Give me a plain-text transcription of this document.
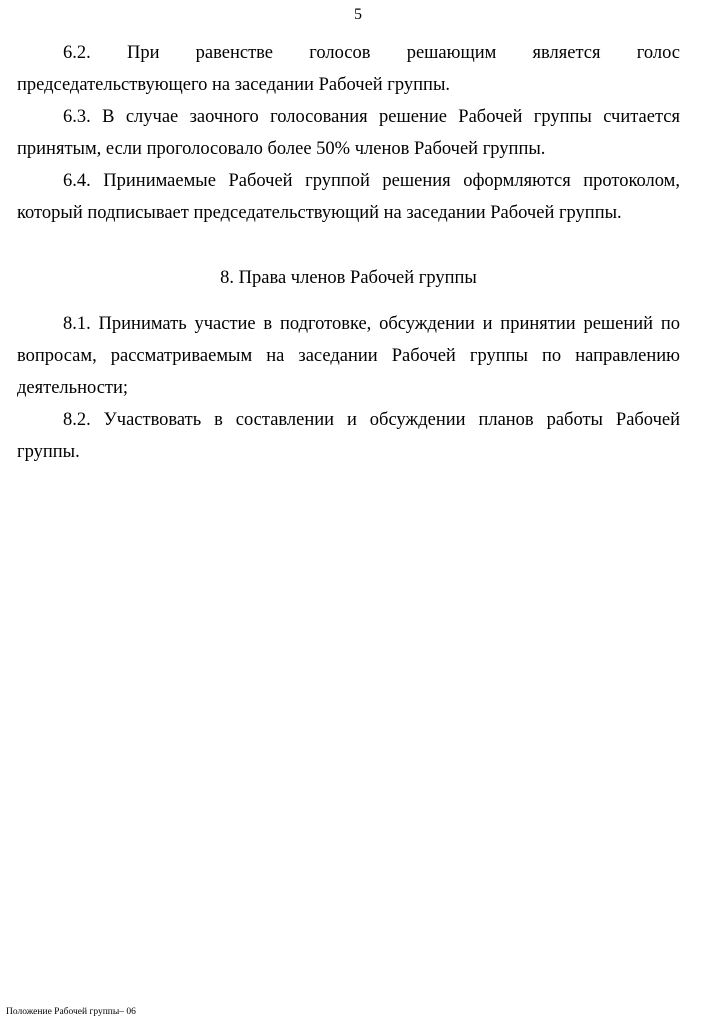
5

6.2. При равенстве голосов решающим является голос председательствующего на заседании Рабочей группы.

6.3. В случае заочного голосования решение Рабочей группы считается принятым, если проголосовало более 50% членов Рабочей группы.

6.4. Принимаемые Рабочей группой решения оформляются протоколом, который подписывает председательствующий на заседании Рабочей группы.

8. Права членов Рабочей группы

8.1. Принимать участие в подготовке, обсуждении и принятии решений по вопросам, рассматриваемым на заседании Рабочей группы по направлению деятельности;

8.2. Участвовать в составлении и обсуждении планов работы Рабочей группы.

Положение Рабочей группы– 06
